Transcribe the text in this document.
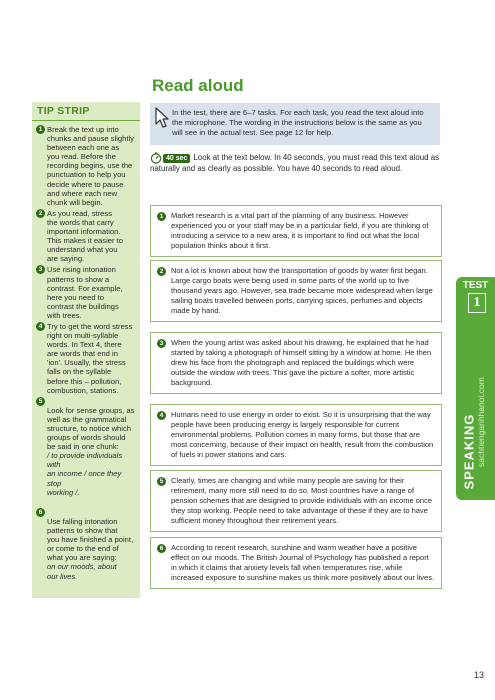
TIP STRIP
1 Break the text up into
chunks and pause slightly
between each one as
you read. Before the
recording begins, use the
punctuation to help you
decide where to pause
and where each new
chunk will begin.
2 As you read, stress
the words that carry
important information.
This makes it easier to
understand what you
are saying.
3 Use rising intonation
patterns to show a
contrast. For example,
here you need to
contrast the buildings
with trees.
4 Try to get the word stress
right on multi-syllable
words. In Text 4, there
are words that end in
'ion'. Usually, the stress
falls on the syllable
before this – pollution,
combustion, stations.
5

Look for sense groups, as
well as the grammatical
structure, to notice which
groups of words should
be said in one chunk:

/ to provide individuals with
an income / once they stop
working /.

6

Use falling intonation
patterns to show that
you have finished a point,
or come to the end of
what you are saying:

on our moods, about
our lives.

Read aloud
In the test, there are 6–7 tasks. For each task, you read the text aloud into the microphone. The wording in the instructions below is the same as you will see in the actual test. See page 12 for help.
40 sec Look at the text below. In 40 seconds, you must read this text aloud as naturally and as clearly as possible. You have 40 seconds to read aloud.
1	Market research is a vital part of the planning of any business. However experienced you or your staff may be in a particular field, if you are thinking of introducing a service to a new area, it is important to find out what the local population thinks about it first.
2	Not a lot is known about how the transportation of goods by water first began. Large cargo boats were being used in some parts of the world up to five thousand years ago. However, sea trade became more widespread when large sailing boats travelled between ports, carrying spices, perfumes and objects made by hand.
3	When the young artist was asked about his drawing, he explained that he had started by taking a photograph of himself sitting by a window at home. He then drew his face from the photograph and replaced the buildings which were outside the window with trees. This gave the picture a softer, more artistic background.
4	Humans need to use energy in order to exist. So it is unsurprising that the way people have been producing energy is largely responsible for current environmental problems. Pollution comes in many forms, but those that are most concerning, because of their impact on health, result from the combustion of fuels in power stations and cars.
5	Clearly, times are changing and while many people are saving for their retirement, many more still need to do so. Most countries have a range of pension schemes that are designed to provide individuals with an income once they stop working. People need to take advantage of these if they are to have sufficient money throughout their retirement years.
6	According to recent research, sunshine and warm weather have a positive effect on our moods. The British Journal of Psychology has published a report in which it claims that anxiety levels fall when temperatures rise, while increased exposure to sunshine makes us think more positively about our lives.
TEST
1
sachtienganhhanoi.com
SPEAKING
13
